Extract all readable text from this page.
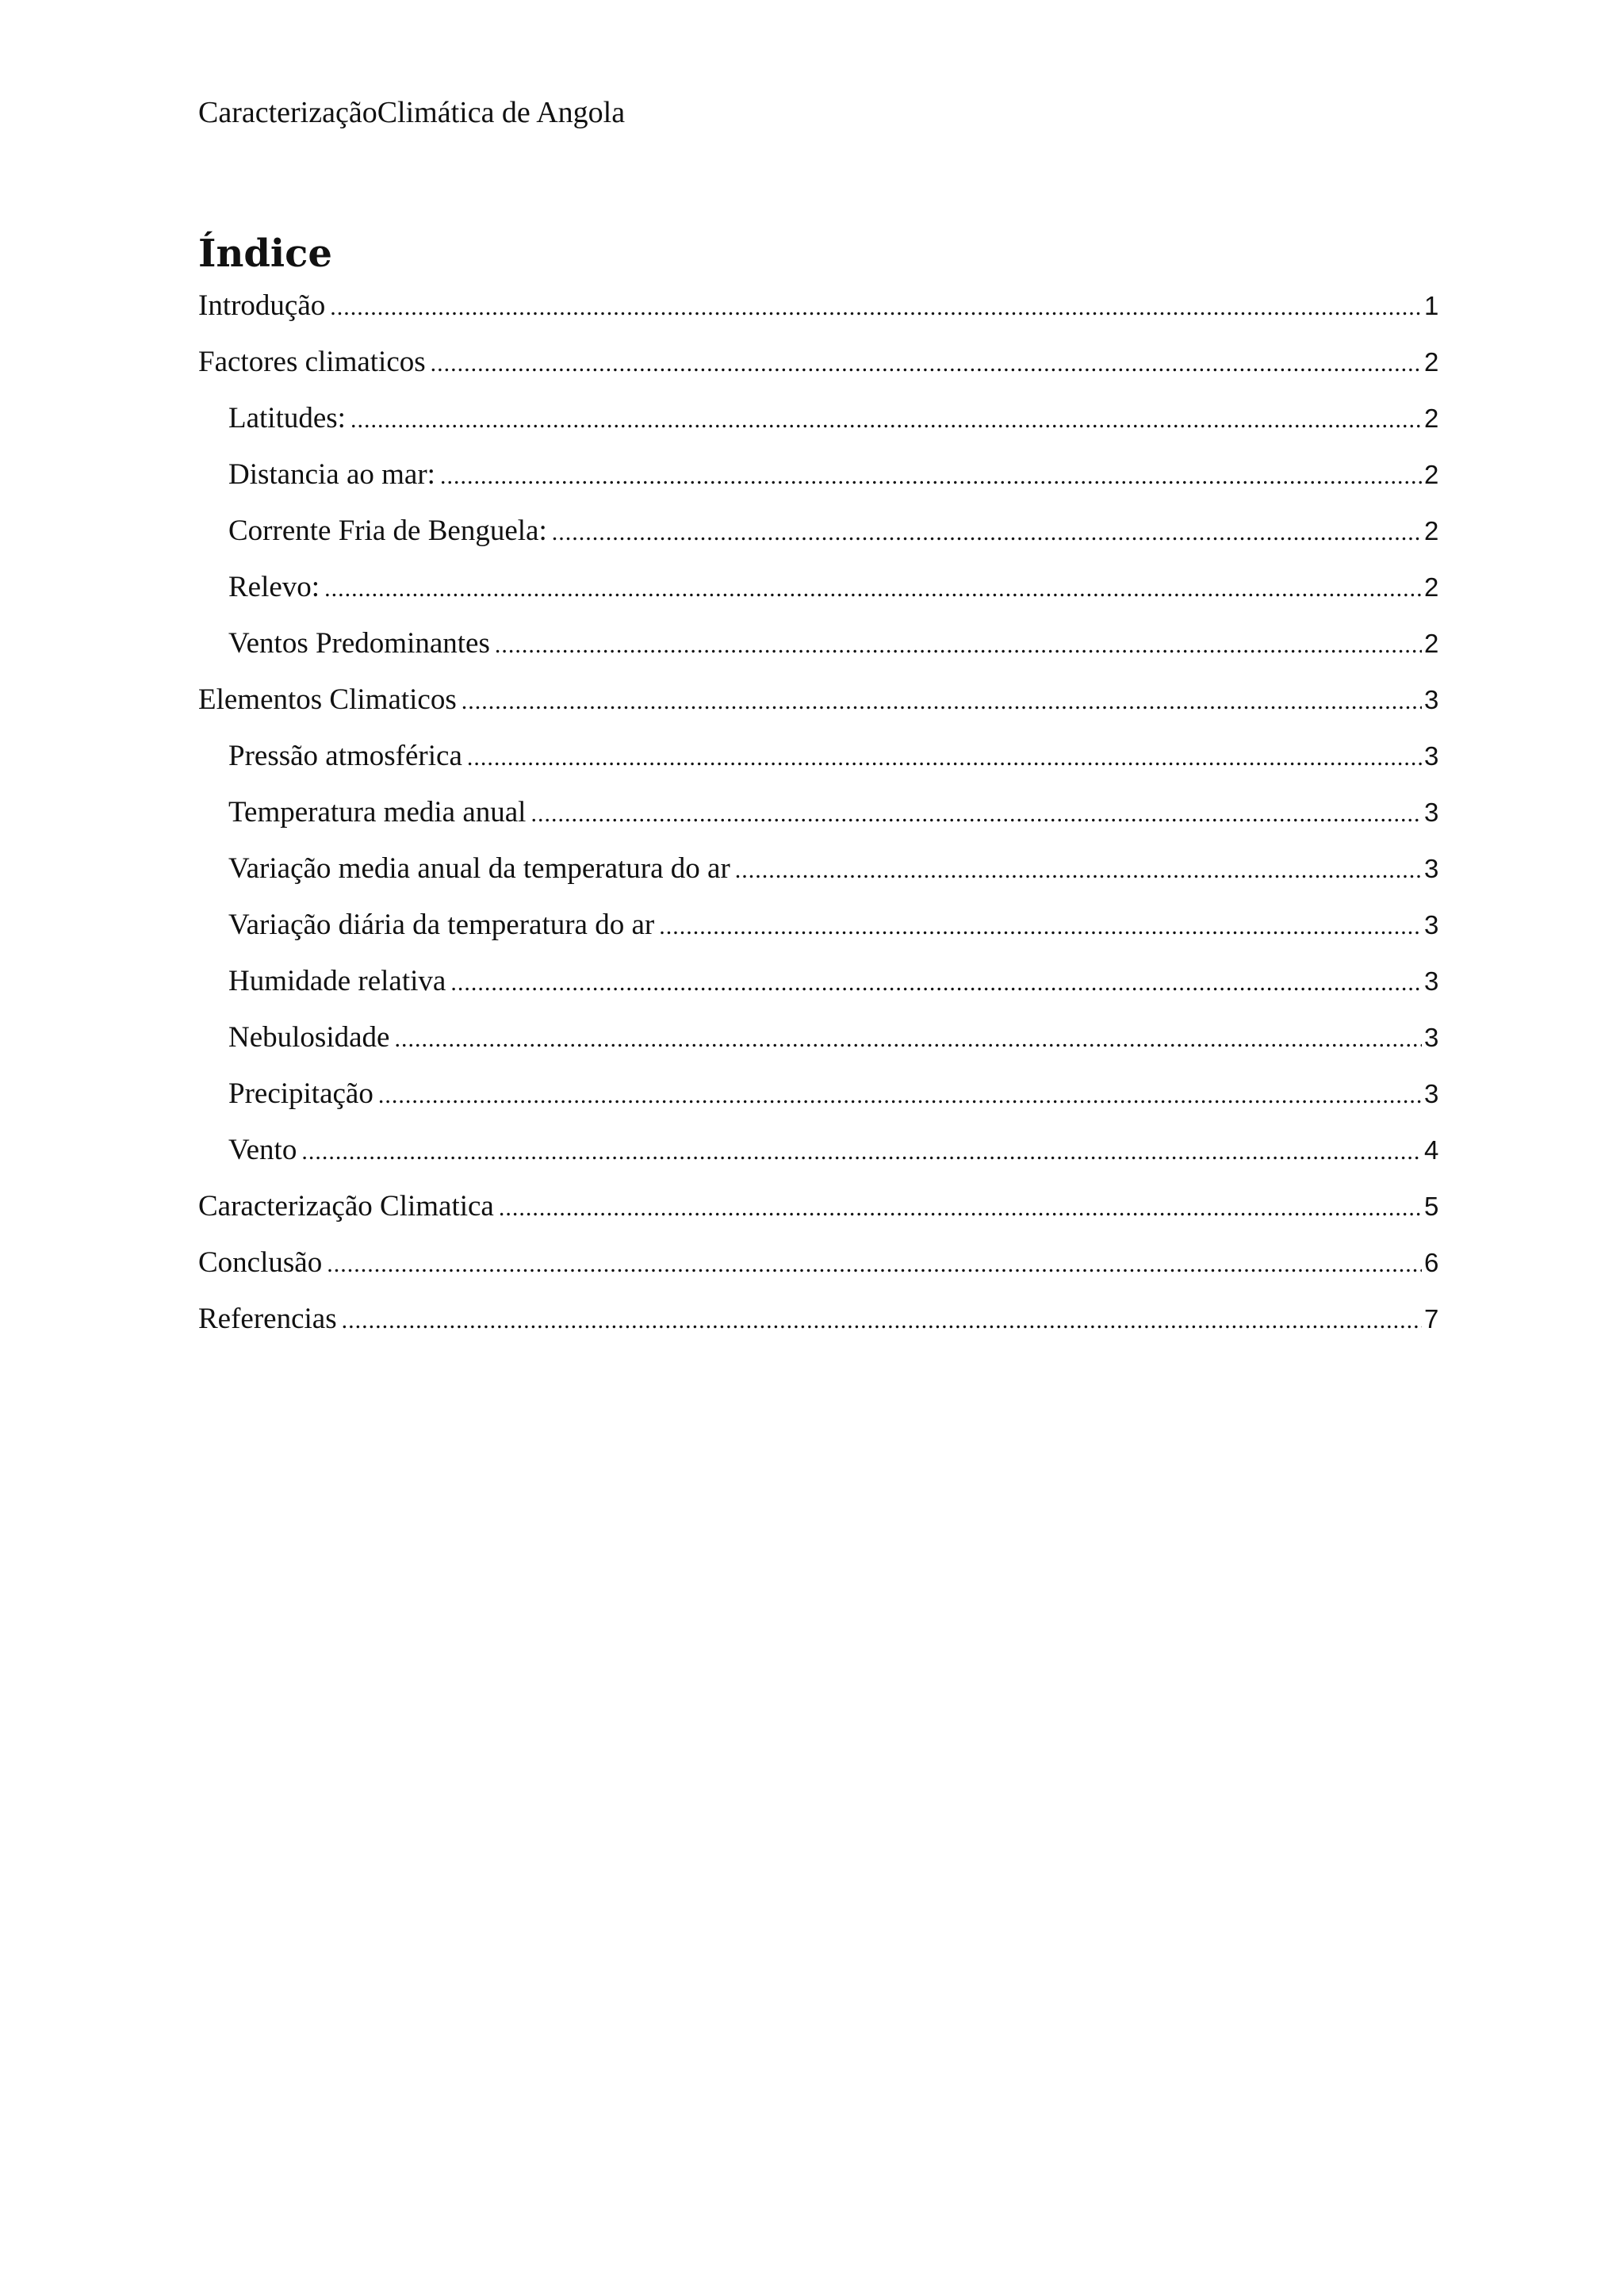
CaracterizaçãoClimática de Angola
Índice
Introdução .....	1
Factores climaticos .....	2
Latitudes: .....	2
Distancia ao mar: .....	2
Corrente Fria de Benguela: .....	2
Relevo: .....	2
Ventos Predominantes .....	2
Elementos Climaticos .....	3
Pressão atmosférica .....	3
Temperatura media anual .....	3
Variação media anual da temperatura do ar .....	3
Variação diária da temperatura do ar .....	3
Humidade relativa .....	3
Nebulosidade .....	3
Precipitação .....	3
Vento .....	4
Caracterização Climatica .....	5
Conclusão .....	6
Referencias .....	7
